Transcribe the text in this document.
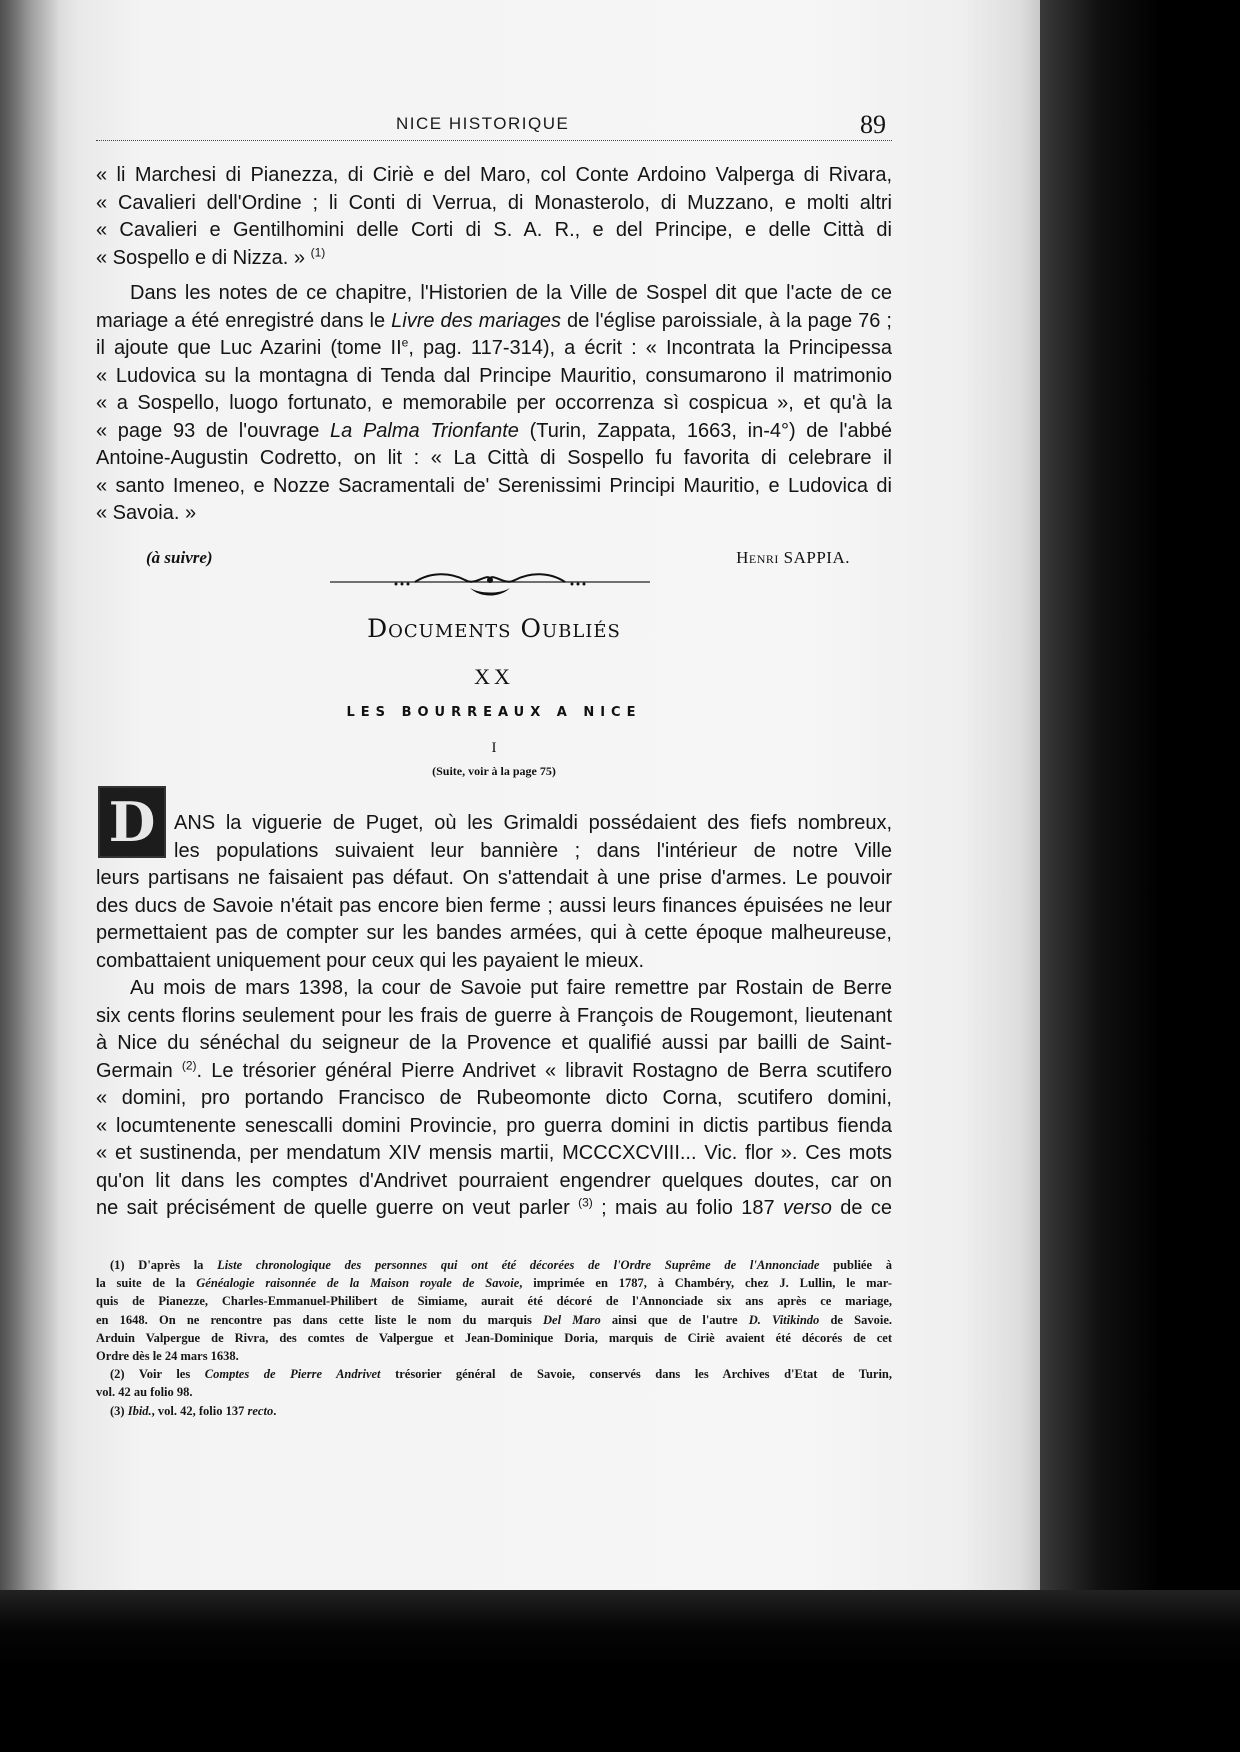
NICE HISTORIQUE	89
« li Marchesi di Pianezza, di Ciriè e del Maro, col Conte Ardoino Valperga di Rivara,
« Cavalieri dell'Ordine ; li Conti di Verrua, di Monasterolo, di Muzzano, e molti altri
« Cavalieri e Gentilhomini delle Corti di S. A. R., e del Principe, e delle Città di
« Sospello e di Nizza. » $^{(1)}$
Dans les notes de ce chapitre, l'Historien de la Ville de Sospel dit que l'acte de ce
mariage a été enregistré dans le Livre des mariages de l'église paroissiale, à la page 76 ;
il ajoute que Luc Azarini (tome IIe, pag. 117-314), a écrit : « Incontrata la Principessa
« Ludovica su la montagna di Tenda dal Principe Mauritio, consumarono il matrimonio
« a Sospello, luogo fortunato, e memorabile per occorrenza sì cospicua », et qu'à la
« page 93 de l'ouvrage La Palma Trionfante (Turin, Zappata, 1663, in-4°) de l'abbé
Antoine-Augustin Codretto, on lit : « La Città di Sospello fu favorita di celebrare il
« santo Imeneo, e Nozze Sacramentali de' Serenissimi Principi Mauritio, e Ludovica di
« Savoia. »
(à suivre)	Henri SAPPIA.
Documents Oubliés
XX
LES BOURREAUX A NICE
I
(Suite, voir à la page 75)
D ANS la viguerie de Puget, où les Grimaldi possédaient des fiefs nombreux,
les populations suivaient leur bannière ; dans l'intérieur de notre Ville
leurs partisans ne faisaient pas défaut. On s'attendait à une prise d'armes. Le pouvoir
des ducs de Savoie n'était pas encore bien ferme ; aussi leurs finances épuisées ne leur
permettaient pas de compter sur les bandes armées, qui à cette époque malheureuse,
combattaient uniquement pour ceux qui les payaient le mieux.
Au mois de mars 1398, la cour de Savoie put faire remettre par Rostain de Berre
six cents florins seulement pour les frais de guerre à François de Rougemont, lieutenant
à Nice du sénéchal du seigneur de la Provence et qualifié aussi par bailli de Saint-
Germain $^{(2)}$. Le trésorier général Pierre Andrivet « libravit Rostagno de Berra scutifero
« domini, pro portando Francisco de Rubeomonte dicto Corna, scutifero domini,
« locumtenente senescalli domini Provincie, pro guerra domini in dictis partibus fienda
« et sustinenda, per mendatum XIV mensis martii, MCCCXCVIII... Vic. flor ». Ces mots
qu'on lit dans les comptes d'Andrivet pourraient engendrer quelques doutes, car on
ne sait précisément de quelle guerre on veut parler $^{(3)}$ ; mais au folio 187 verso de ce
(1) D'après la Liste chronologique des personnes qui ont été décorées de l'Ordre Suprême de l'Annonciade publiée à
la suite de la Généalogie raisonnée de la Maison royale de Savoie, imprimée en 1787, à Chambéry, chez J. Lullin, le mar-
quis de Pianezze, Charles-Emmanuel-Philibert de Simiame, aurait été décoré de l'Annonciade six ans après ce mariage,
en 1648. On ne rencontre pas dans cette liste le nom du marquis Del Maro ainsi que de l'autre D. Vitikindo de Savoie.
Arduin Valpergue de Rivra, des comtes de Valpergue et Jean-Dominique Doria, marquis de Ciriè avaient été décorés de cet
Ordre dès le 24 mars 1638.
(2) Voir les Comptes de Pierre Andrivet trésorier général de Savoie, conservés dans les Archives d'Etat de Turin,
vol. 42 au folio 98.
(3) Ibid., vol. 42, folio 137 recto.
